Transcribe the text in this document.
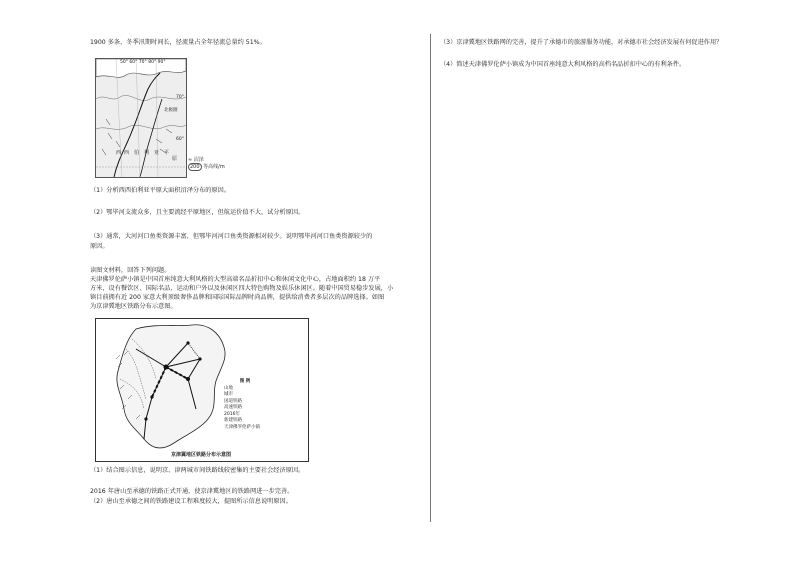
1900 多条，冬季汛期时间长，径流量占全年径流总量约 51%。
50° 60° 70° 80° 90°
70°
60°
北极圈
西 西 伯 利 亚 平
原 ≈ 沼泽
200 等高线/m
（1）分析西西伯利亚平原大面积沼泽分布的原因。
（2）鄂毕河支流众多，且主要流经平原地区，但航运价值不大，试分析原因。
（3）通常，大河河口鱼类资源丰富，但鄂毕河河口鱼类资源相对较少。说明鄂毕河河口鱼类资源较少的
原因。
读图文材料，回答下列问题。
天津佛罗伦萨小镇是中国首座纯意大利风格的大型高端名品折扣中心和休闲文化中心，占地面积约 18 万平
方米，设有餐饮区、国际名品、运动和户外以及休闲区四大特色购物及娱乐休闲区。随着中国贸易稳步发展，小
镇目前拥有近 200 家意大利顶级奢侈品牌和国际国际品牌时尚品牌，提供给消费者多层次的品牌选择。如图
为京津冀地区铁路分布示意图。
图 例
山地
城市
国道铁路
高速铁路
2016年
新建铁路
天津佛罗伦萨小镇
京津冀地区铁路分布示意图
（1）结合图示信息，说明京、津两城市间铁路线较密集的主要社会经济原因。
2016 年唐山至承德的铁路正式开通，使京津冀地区的铁路网进一步完善。
（2）唐山至承德之间的铁路建设工程难度较大，提图所示信息说明原因。
（3）京津冀地区铁路网的完善，提升了承德市的旅游服务功能，对承德市社会经济发展有何促进作用？
（4）简述天津佛罗伦萨小镇成为中国首座纯意大利风格的高档名品折扣中心的有利条件。
